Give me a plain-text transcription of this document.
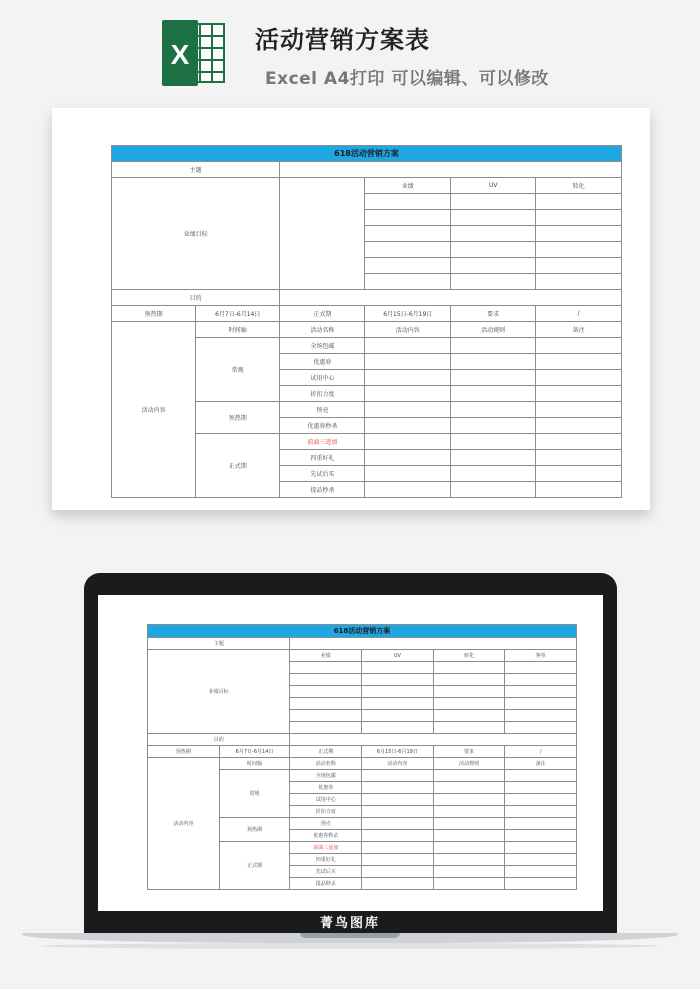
X	活动营销方案表
Excel A4打印 可以编辑、可以修改
618活动营销方案					
主题					
业绩目标			业绩	UV	转化

目的					
预热期	6月7日-6月14日	正式期	6月15日-6月19日	要求	/
活动内容	时间轴	活动名称	活动内容	活动规则	备注
	常规	全场包邮			
		优惠券			
		试用中心			
		折扣力度			
	预热期	预売			
		优惠券秒杀			
	正式期	前面三返加			
		四重好礼			
		先试后买			
		提品秒杀			
618活动营销方案					
主题					
业绩目标		业绩	UV	转化	客单

目的					
预热期	6月7日-6月14日	正式期	6月15日-6月19日	要求	/
活动内容	时间轴	活动名称	活动内容	活动规则	备注
	常规	全场包邮			
		优惠券			
		试用中心			
		折扣力度			
	预热期	预売			
		优惠券秒杀			
	正式期	前面三返加			
		四重好礼			
		先试后买			
		提品秒杀			
菁鸟图库
